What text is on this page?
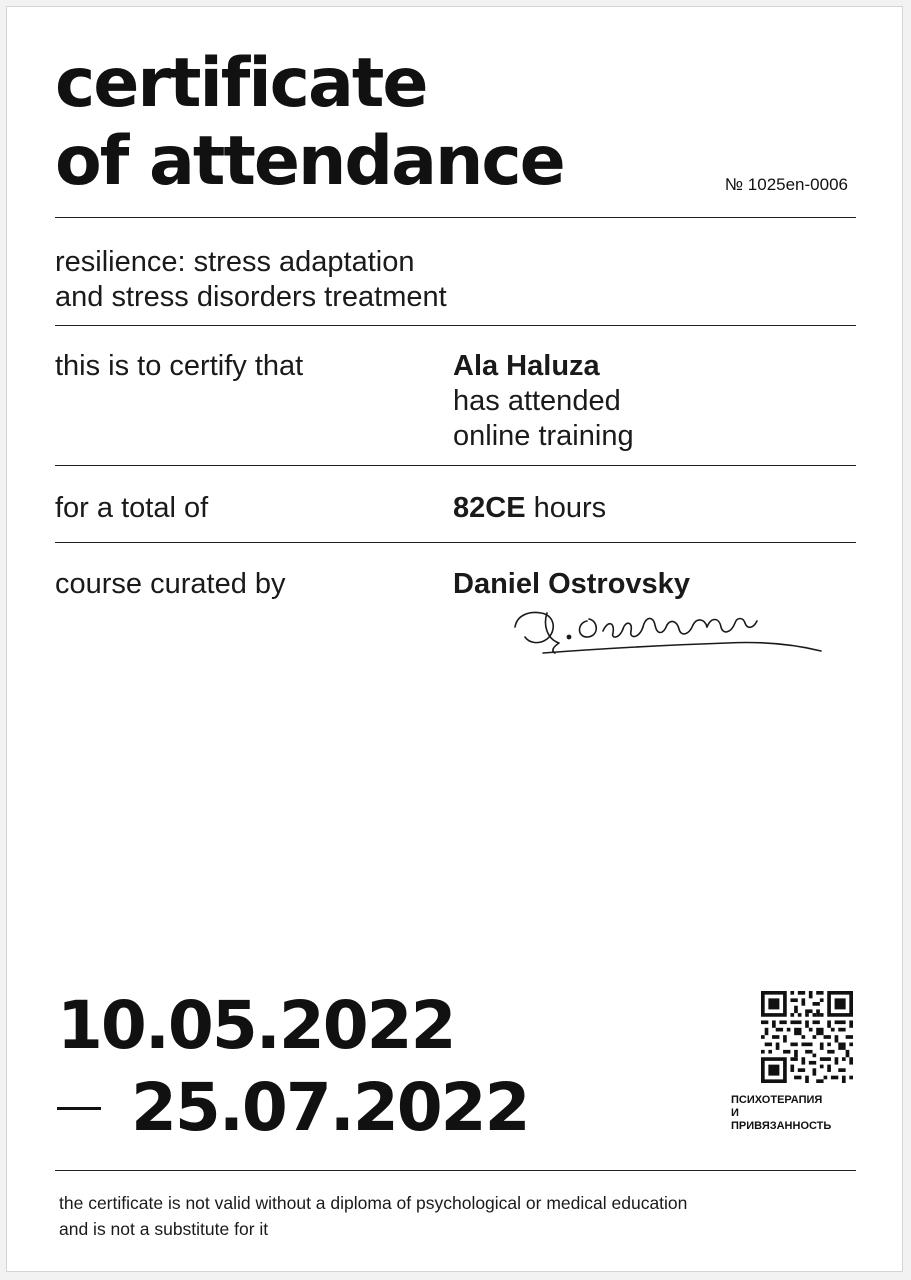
certificate
of attendance	№ 1025en-0006
resilience: stress adaptation
and stress disorders treatment
this is to certify that	Ala Haluza
has attended
online training
for a total of	82CE hours
course curated by	Daniel Ostrovsky
10.05.2022
25.07.2022	ПСИХОТЕРАПИЯ
И
ПРИВЯЗАННОСТЬ
the certificate is not valid without a diploma of psychological or medical education
and is not a substitute for it
